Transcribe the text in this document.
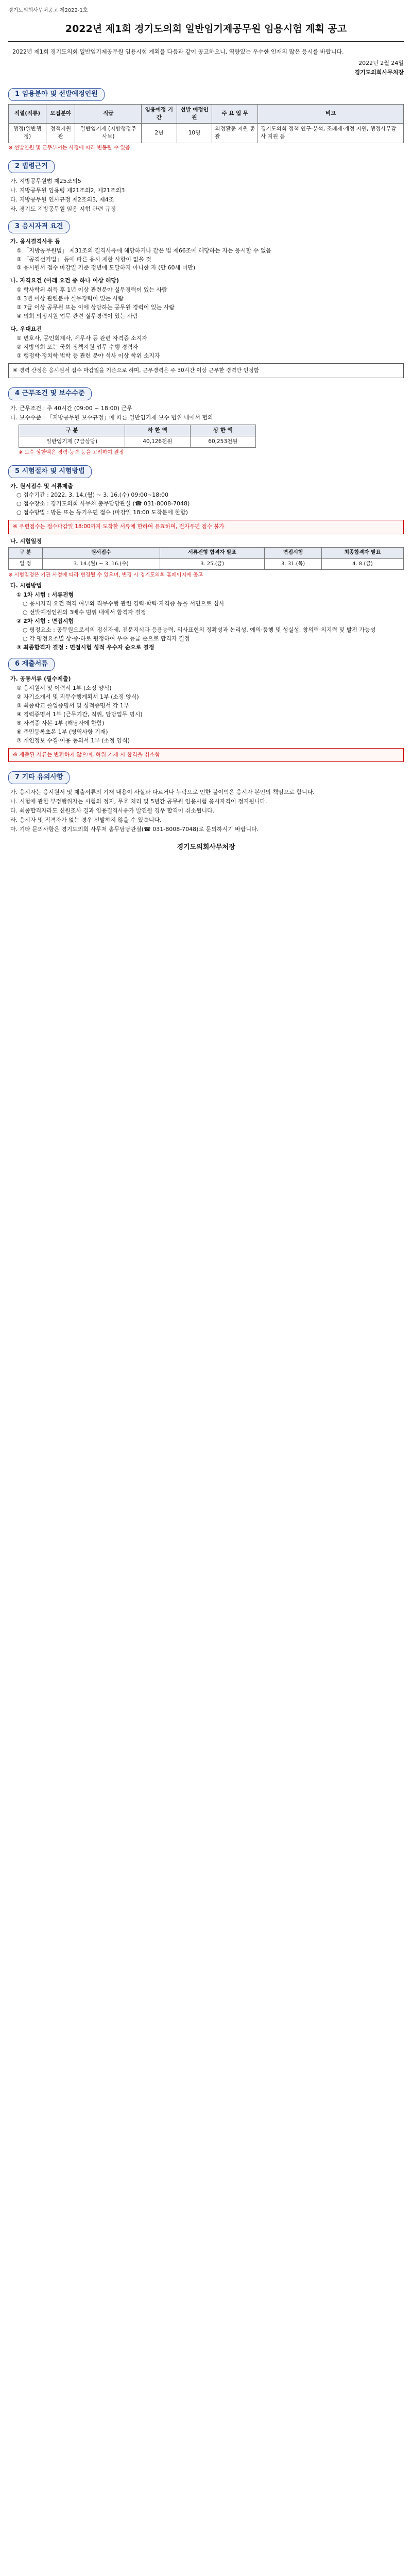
경기도의회사무처공고 제2022-1호
2022년 제1회 경기도의회 일반임기제공무원 임용시험 계획 공고
2022년 제1회 경기도의회 일반임기제공무원 임용시험 계획을 다음과 같이 공고하오니, 역량있는 우수한 인재의 많은 응시를 바랍니다.
2022년 2월 24일
경기도의회사무처장
1 임용분야 및 선발예정인원
직렬(직류)	모집분야	직급	임용예정 기간	선발 예정인원	주 요 업 무	비고
행정(일반행정)	정책지원관	일반임기제 (지방행정주사보)	2년	10명	의정활동 지원 총괄	경기도의회 정책 연구·분석, 조례제·개정 지원, 행정사무감사 지원 등
※ 선발인원 및 근무부서는 사정에 따라 변동될 수 있음
2 법령근거
가. 지방공무원법 제25조의5
나. 지방공무원 임용령 제21조의2, 제21조의3
다. 지방공무원 인사규정 제2조의3, 제4조
라. 경기도 지방공무원 임용 시험 관련 규정
3 응시자격 요건
가. 응시결격사유 등
① 「지방공무원법」 제31조의 결격사유에 해당하거나 같은 법 제66조에 해당하는 자는 응시할 수 없음
② 「공직선거법」 등에 따른 응시 제한 사항이 없을 것
③ 응시원서 접수 마감일 기준 정년에 도달하지 아니한 자 (만 60세 미만)
나. 자격요건 (아래 요건 중 하나 이상 해당)
① 학사학위 취득 후 1년 이상 관련분야 실무경력이 있는 사람
② 3년 이상 관련분야 실무경력이 있는 사람
③ 7급 이상 공무원 또는 이에 상당하는 공무원 경력이 있는 사람
④ 의회 의정지원 업무 관련 실무경력이 있는 사람
다. 우대요건
① 변호사, 공인회계사, 세무사 등 관련 자격증 소지자
② 지방의회 또는 국회 정책지원 업무 수행 경력자
③ 행정학·정치학·법학 등 관련 분야 석사 이상 학위 소지자
※ 경력 산정은 응시원서 접수 마감일을 기준으로 하며, 근무경력은 주 30시간 이상 근무한 경력만 인정함
4 근무조건 및 보수수준
가. 근무조건 : 주 40시간 (09:00 ~ 18:00) 근무
나. 보수수준 : 「지방공무원 보수규정」에 따른 일반임기제 보수 범위 내에서 협의
구 분	하 한 액	상 한 액
일반임기제 (7급상당)	40,126천원	60,253천원
※ 보수 상한액은 경력·능력 등을 고려하여 결정
5 시험절차 및 시험방법
가. 원서접수 및 서류제출
○ 접수기간 : 2022. 3. 14.(월) ~ 3. 16.(수) 09:00~18:00
○ 접수장소 : 경기도의회 사무처 총무담당관실 (☎ 031-8008-7048)
○ 접수방법 : 방문 또는 등기우편 접수 (마감일 18:00 도착분에 한함)
※ 우편접수는 접수마감일 18:00까지 도착한 서류에 한하여 유효하며, 전자우편 접수 불가
나. 시험일정
구 분	원서접수	서류전형 합격자 발표	면접시험	최종합격자 발표
일 정	3. 14.(월) ~ 3. 16.(수)	3. 25.(금)	3. 31.(목)	4. 8.(금)
※ 시험일정은 기관 사정에 따라 변경될 수 있으며, 변경 시 경기도의회 홈페이지에 공고
다. 시험방법
① 1차 시험 : 서류전형
○ 응시자격 요건 적격 여부와 직무수행 관련 경력·학력·자격증 등을 서면으로 심사
○ 선발예정인원의 3배수 범위 내에서 합격자 결정
② 2차 시험 : 면접시험
○ 평정요소 : 공무원으로서의 정신자세, 전문지식과 응용능력, 의사표현의 정확성과 논리성, 예의·품행 및 성실성, 창의력·의지력 및 발전 가능성
○ 각 평정요소별 상·중·하로 평정하여 우수 등급 순으로 합격자 결정
③ 최종합격자 결정 : 면접시험 성적 우수자 순으로 결정
6 제출서류
가. 공통서류 (필수제출)
① 응시원서 및 이력서 1부 (소정 양식)
② 자기소개서 및 직무수행계획서 1부 (소정 양식)
③ 최종학교 졸업증명서 및 성적증명서 각 1부
④ 경력증명서 1부 (근무기간, 직위, 담당업무 명시)
⑤ 자격증 사본 1부 (해당자에 한함)
⑥ 주민등록초본 1부 (병역사항 기재)
⑦ 개인정보 수집·이용 동의서 1부 (소정 양식)
※ 제출된 서류는 반환하지 않으며, 허위 기재 시 합격을 취소함
7 기타 유의사항
가. 응시자는 응시원서 및 제출서류의 기재 내용이 사실과 다르거나 누락으로 인한 불이익은 응시자 본인의 책임으로 합니다.
나. 시험에 관한 부정행위자는 시험의 정지, 무효 처리 및 5년간 공무원 임용시험 응시자격이 정지됩니다.
다. 최종합격자라도 신원조사 결과 임용결격사유가 발견될 경우 합격이 취소됩니다.
라. 응시자 및 적격자가 없는 경우 선발하지 않을 수 있습니다.
마. 기타 문의사항은 경기도의회 사무처 총무담당관실(☎ 031-8008-7048)로 문의하시기 바랍니다.
경기도의회사무처장
